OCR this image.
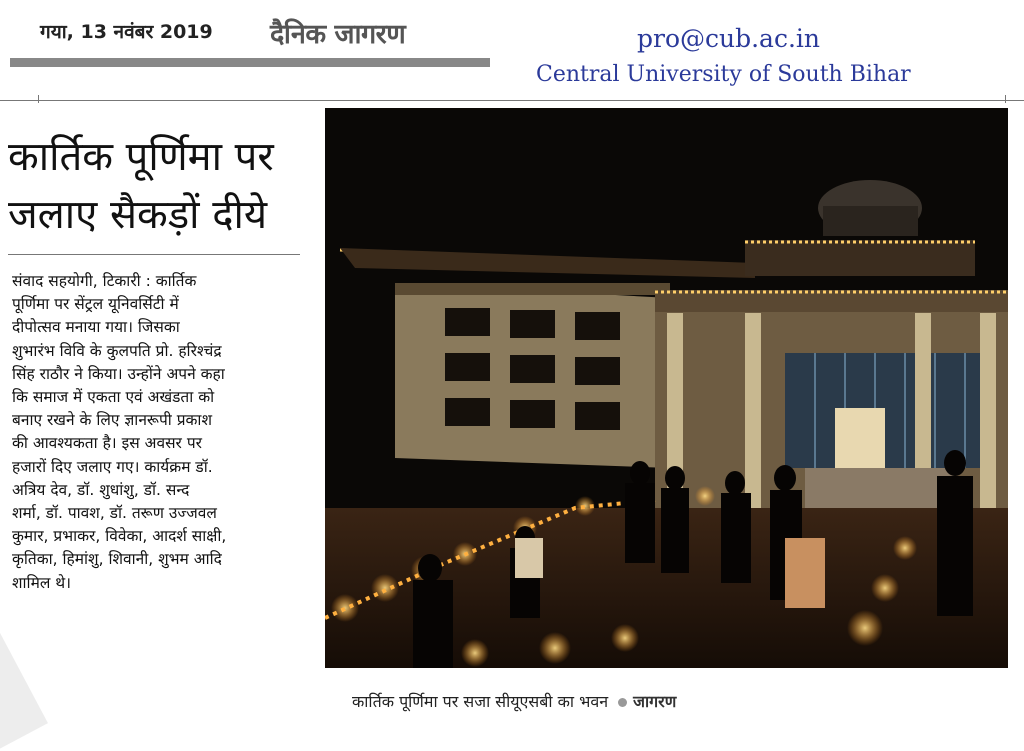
गया, 13 नवंबर 2019 दैनिक जागरण	pro@cub.ac.in
Central University of South Bihar
कार्तिक पूर्णिमा पर
जलाए सैकड़ों दीये
संवाद सहयोगी, टिकारी : कार्तिक
पूर्णिमा पर सेंट्रल यूनिवर्सिटी में
दीपोत्सव मनाया गया। जिसका
शुभारंभ विवि के कुलपति प्रो. हरिश्चंद्र
सिंह राठौर ने किया। उन्होंने अपने कहा
कि समाज में एकता एवं अखंडता को
बनाए रखने के लिए ज्ञानरूपी प्रकाश
की आवश्यकता है। इस अवसर पर
हजारों दिए जलाए गए। कार्यक्रम डॉ.
अत्रिय देव, डॉ. शुधांशु, डॉ. सन्द
शर्मा, डॉ. पावश, डॉ. तरूण उज्जवल
कुमार, प्रभाकर, विवेका, आदर्श साक्षी,
कृतिका, हिमांशु, शिवानी, शुभम आदि
शामिल थे।
कार्तिक पूर्णिमा पर सजा सीयूएसबी का भवन जागरण
